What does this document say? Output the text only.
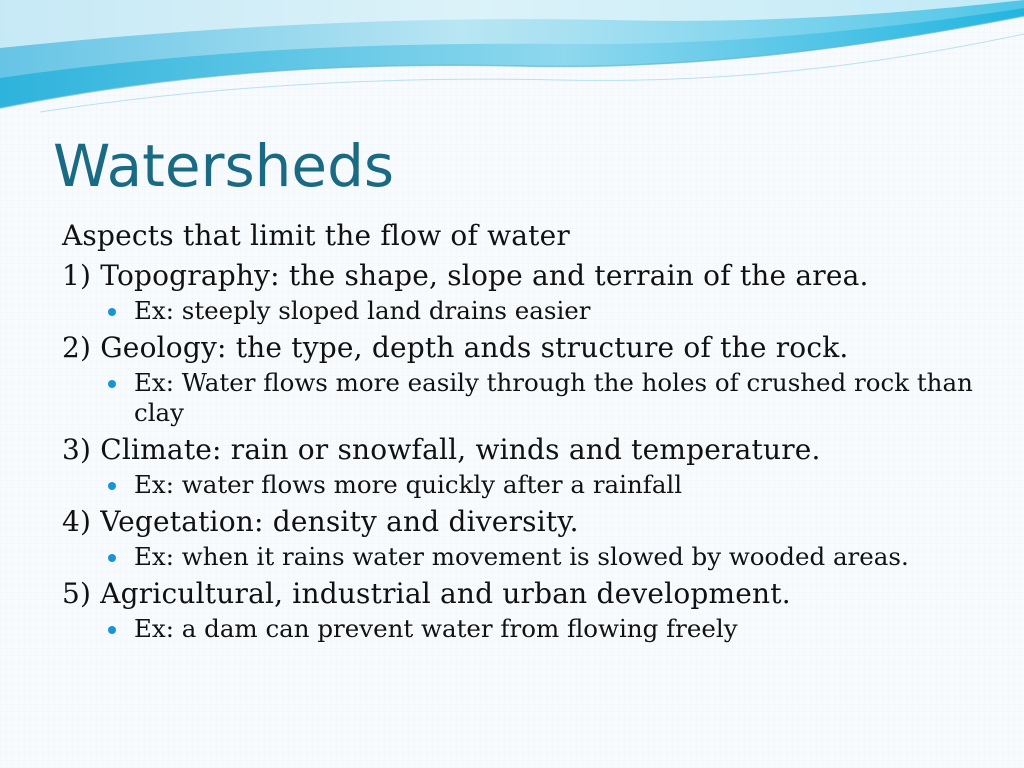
Watersheds

Aspects that limit the flow of water

1) Topography: the shape, slope and terrain of the area.

Ex: steeply sloped land drains easier

2) Geology: the type, depth ands structure of the rock.

Ex: Water flows more easily through the holes of crushed rock than clay

3) Climate: rain or snowfall, winds and temperature.

Ex: water flows more quickly after a rainfall

4) Vegetation: density and diversity.

Ex: when it rains water movement is slowed by wooded areas.

5) Agricultural, industrial and urban development.

Ex: a dam can prevent water from flowing freely
